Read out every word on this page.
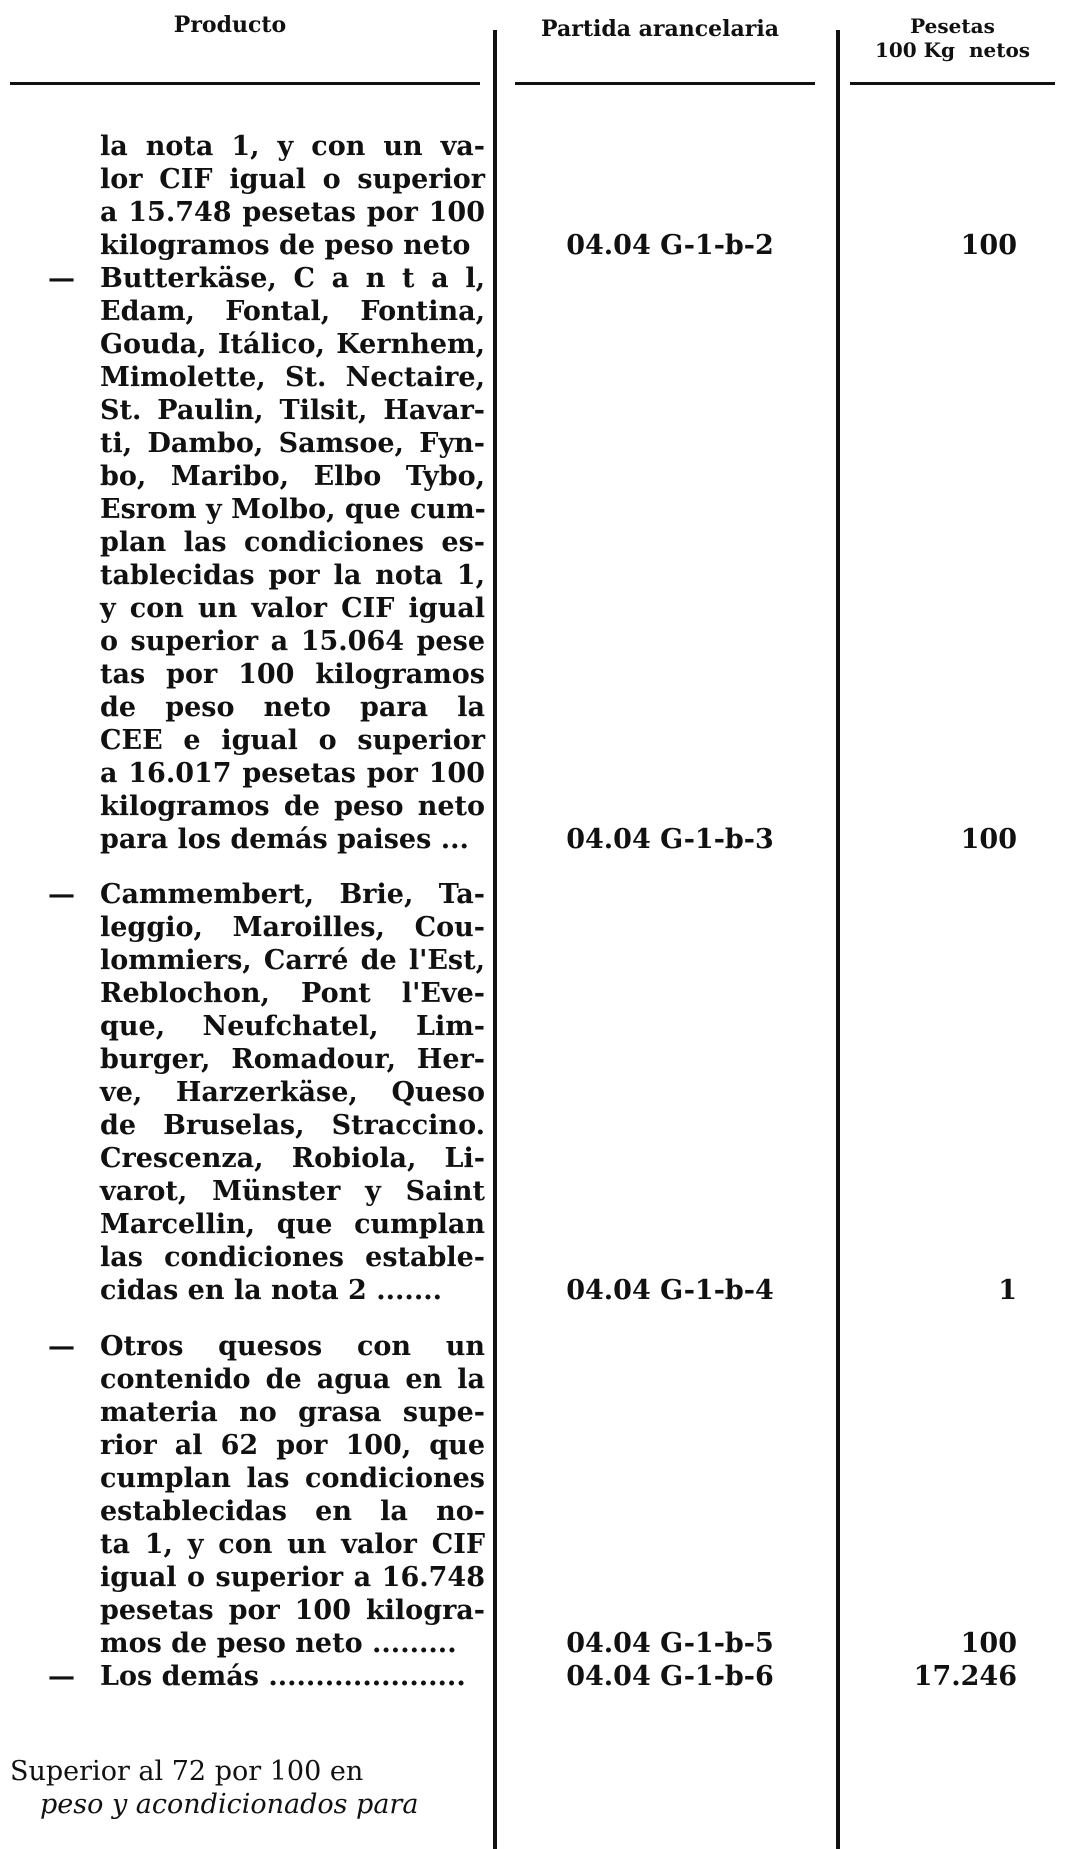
Producto	Partida arancelaria	Pesetas
100 Kg  netos
la nota 1, y con un va-
lor CIF igual o superior
a 15.748 pesetas por 100
kilogramos de peso neto
— Butterkäse, C a n t a l,
Edam, Fontal, Fontina,
Gouda, Itálico, Kernhem,
Mimolette, St. Nectaire,
St. Paulin, Tilsit, Havar-
ti, Dambo, Samsoe, Fyn-
bo, Maribo, Elbo Tybo,
Esrom y Molbo, que cum-
plan las condiciones es-
tablecidas por la nota 1,
y con un valor CIF igual
o superior a 15.064 pese
tas por 100 kilogramos
de peso neto para la
CEE e igual o superior
a 16.017 pesetas por 100
kilogramos de peso neto
para los demás paises ...
— Cammembert, Brie, Ta-
leggio, Maroilles, Cou-
lommiers, Carré de l'Est,
Reblochon, Pont l'Eve-
que, Neufchatel, Lim-
burger, Romadour, Her-
ve, Harzerkäse, Queso
de Bruselas, Straccino.
Crescenza, Robiola, Li-
varot, Münster y Saint
Marcellin, que cumplan
las condiciones estable-
cidas en la nota 2 .......
— Otros quesos con un
contenido de agua en la
materia no grasa supe-
rior al 62 por 100, que
cumplan las condiciones
establecidas en la no-
ta 1, y con un valor CIF
igual o superior a 16.748
pesetas por 100 kilogra-
mos de peso neto .........
— Los demás .....................
04.04 G-1-b-2
04.04 G-1-b-3
04.04 G-1-b-4
04.04 G-1-b-5
04.04 G-1-b-6
100
100
1
100
17.246
Superior al 72 por 100 en
peso y acondicionados para
